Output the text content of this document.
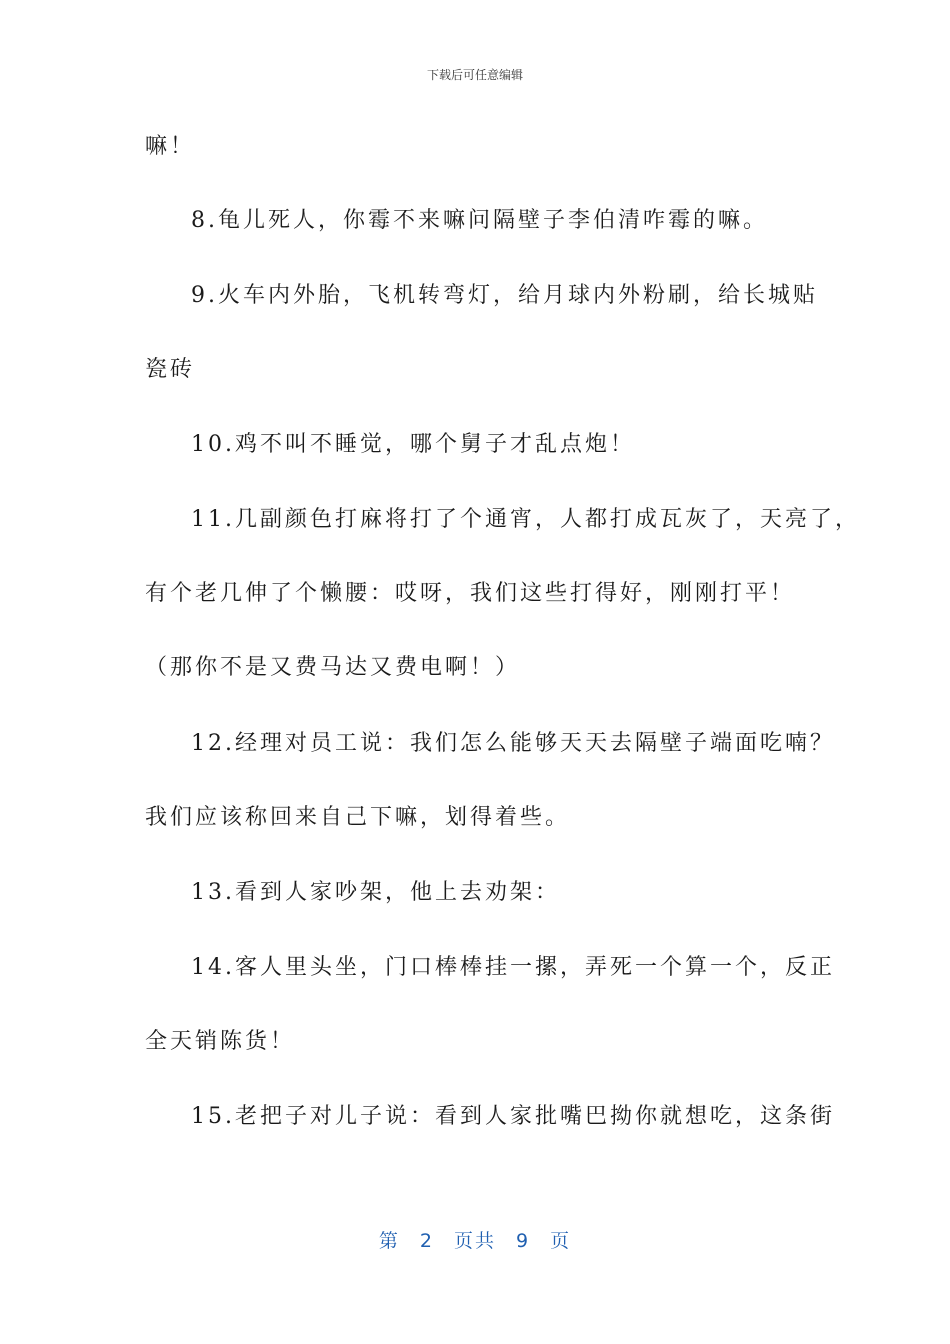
下载后可任意编辑
嘛！
8.龟儿死人，你霉不来嘛问隔壁子李伯清咋霉的嘛。
9.火车内外胎，飞机转弯灯，给月球内外粉刷，给长城贴
瓷砖
10.鸡不叫不睡觉，哪个舅子才乱点炮！
11.几副颜色打麻将打了个通宵，人都打成瓦灰了，天亮了，
有个老几伸了个懒腰：哎呀，我们这些打得好，刚刚打平！
（那你不是又费马达又费电啊！）
12.经理对员工说：我们怎么能够天天去隔壁子端面吃喃？
我们应该称回来自己下嘛，划得着些。
13.看到人家吵架，他上去劝架：
14.客人里头坐，门口棒棒挂一摞，弄死一个算一个，反正
全天销陈货！
15.老把子对儿子说：看到人家批嘴巴拗你就想吃，这条街
第 2 页共 9 页
